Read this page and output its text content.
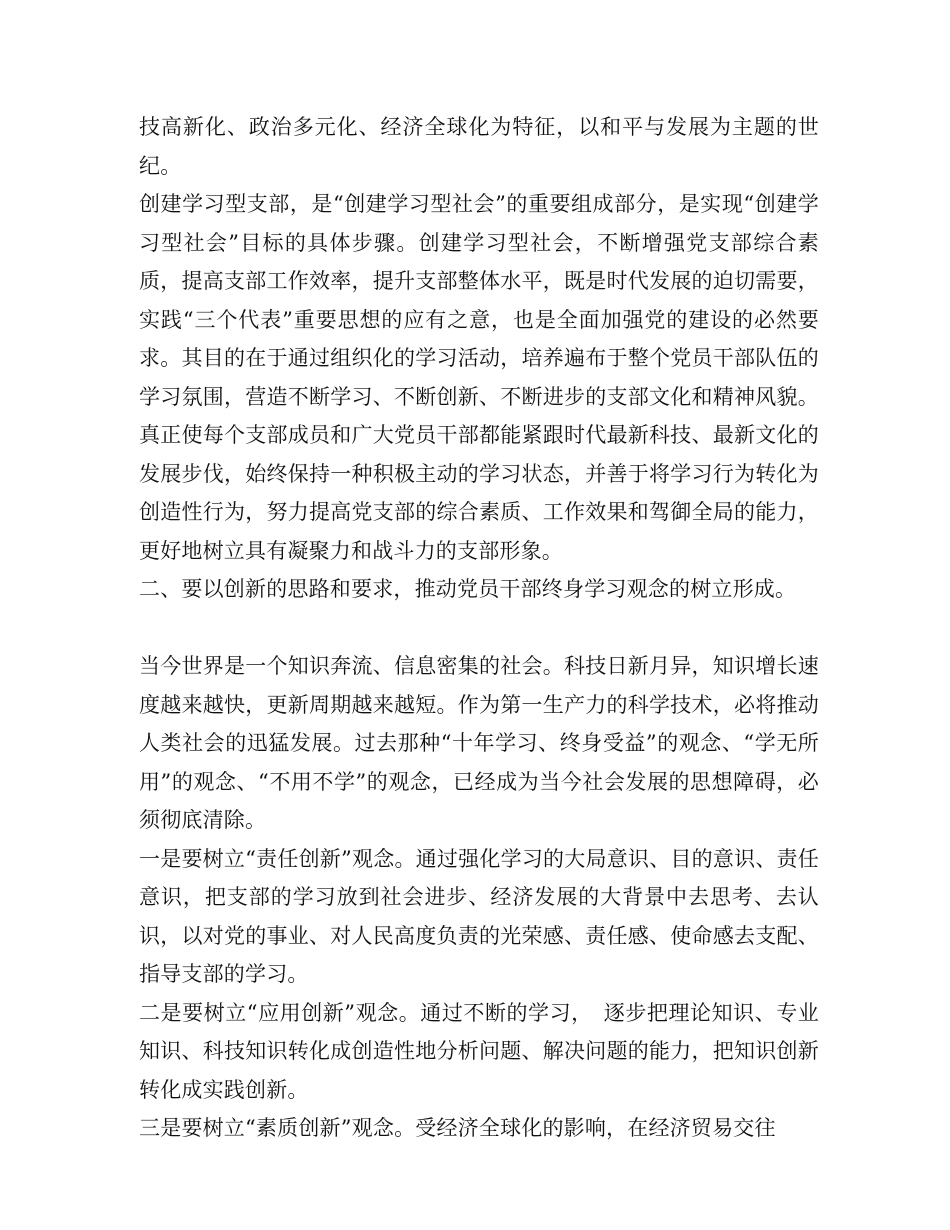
技高新化、政治多元化、经济全球化为特征，以和平与发展为主题的世纪。

创建学习型支部，是“创建学习型社会”的重要组成部分，是实现“创建学习型社会”目标的具体步骤。创建学习型社会，不断增强党支部综合素质，提高支部工作效率，提升支部整体水平，既是时代发展的迫切需要，实践“三个代表”重要思想的应有之意，也是全面加强党的建设的必然要求。其目的在于通过组织化的学习活动，培养遍布于整个党员干部队伍的学习氛围，营造不断学习、不断创新、不断进步的支部文化和精神风貌。真正使每个支部成员和广大党员干部都能紧跟时代最新科技、最新文化的发展步伐，始终保持一种积极主动的学习状态，并善于将学习行为转化为创造性行为，努力提高党支部的综合素质、工作效果和驾御全局的能力，更好地树立具有凝聚力和战斗力的支部形象。

二、要以创新的思路和要求，推动党员干部终身学习观念的树立形成。

当今世界是一个知识奔流、信息密集的社会。科技日新月异，知识增长速度越来越快，更新周期越来越短。作为第一生产力的科学技术，必将推动人类社会的迅猛发展。过去那种“十年学习、终身受益”的观念、“学无所用”的观念、“不用不学”的观念，已经成为当今社会发展的思想障碍，必须彻底清除。

一是要树立“责任创新”观念。通过强化学习的大局意识、目的意识、责任意识，把支部的学习放到社会进步、经济发展的大背景中去思考、去认识，以对党的事业、对人民高度负责的光荣感、责任感、使命感去支配、指导支部的学习。

二是要树立“应用创新”观念。通过不断的学习，　逐步把理论知识、专业知识、科技知识转化成创造性地分析问题、解决问题的能力，把知识创新转化成实践创新。

三是要树立“素质创新”观念。受经济全球化的影响，在经济贸易交往
